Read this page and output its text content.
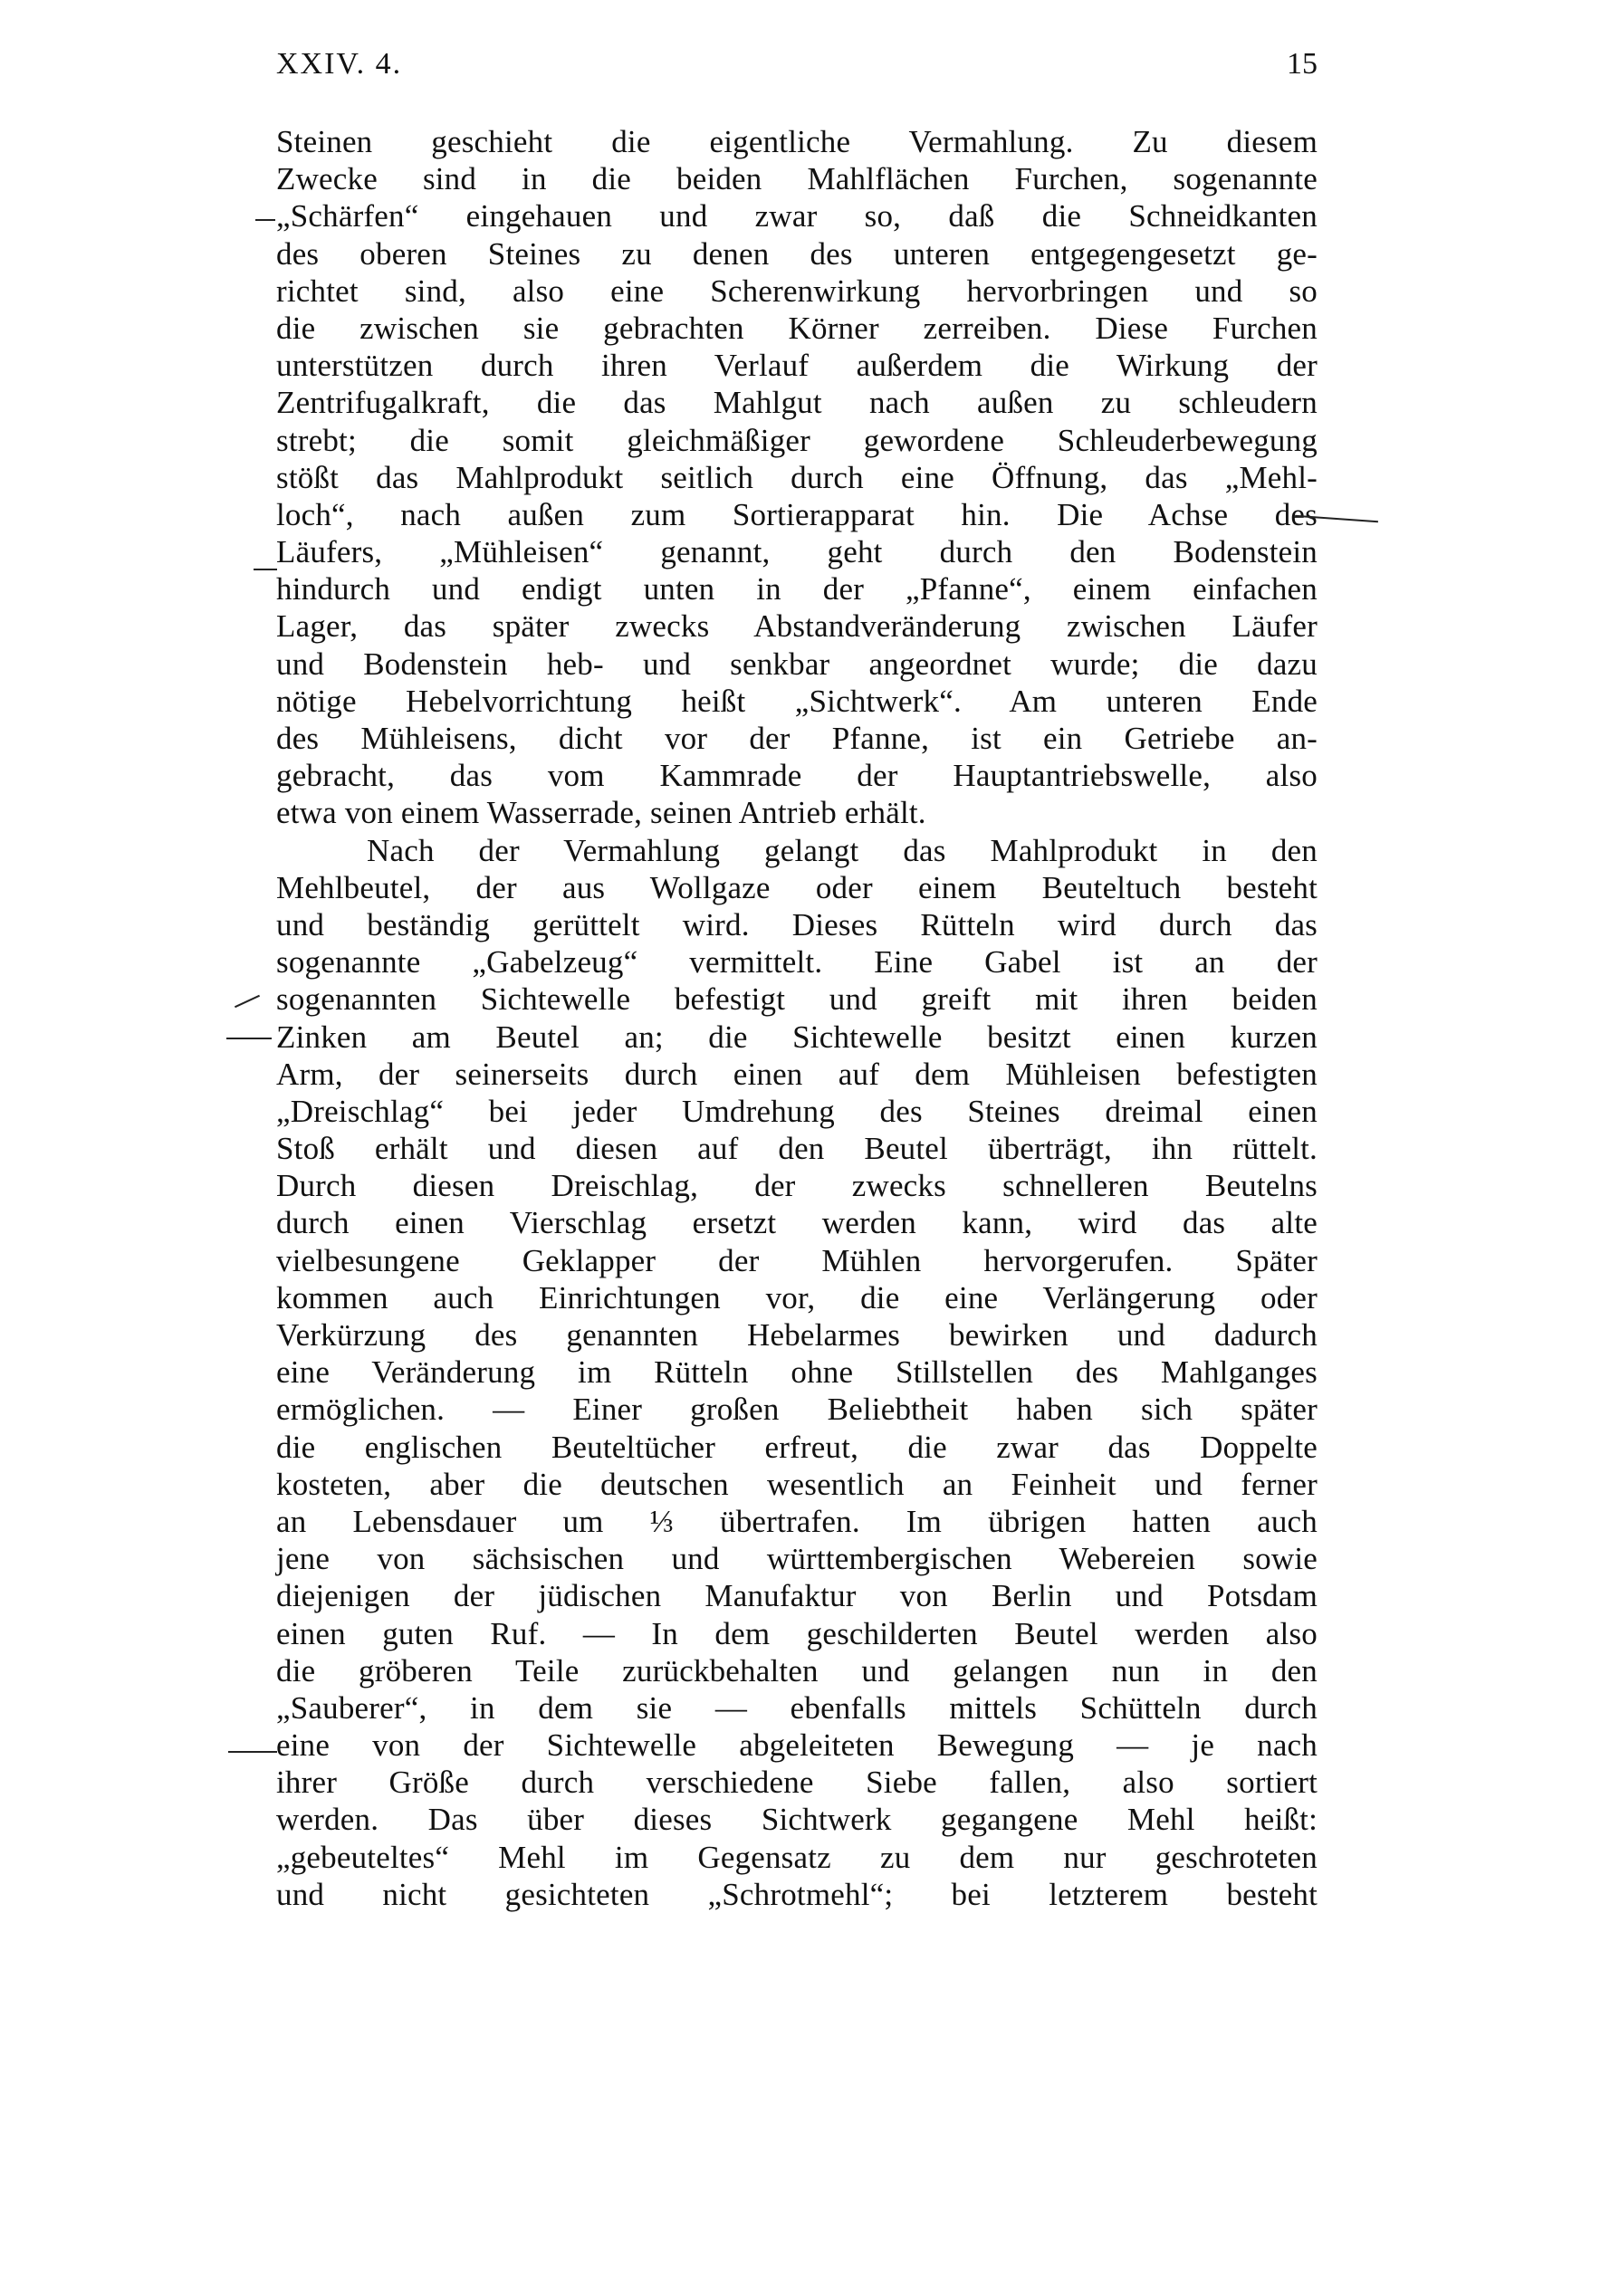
XXIV. 4.	15
Steinen geschieht die eigentliche Vermahlung. Zu diesem
Zwecke sind in die beiden Mahlflächen Furchen, sogenannte
„Schärfen“ eingehauen und zwar so, daß die Schneidkanten
des oberen Steines zu denen des unteren entgegengesetzt ge-
richtet sind, also eine Scherenwirkung hervorbringen und so
die zwischen sie gebrachten Körner zerreiben. Diese Furchen
unterstützen durch ihren Verlauf außerdem die Wirkung der
Zentrifugalkraft, die das Mahlgut nach außen zu schleudern
strebt; die somit gleichmäßiger gewordene Schleuderbewegung
stößt das Mahlprodukt seitlich durch eine Öffnung, das „Mehl-
loch“, nach außen zum Sortierapparat hin. Die Achse des
Läufers, „Mühleisen“ genannt, geht durch den Bodenstein
hindurch und endigt unten in der „Pfanne“, einem einfachen
Lager, das später zwecks Abstandveränderung zwischen Läufer
und Bodenstein heb- und senkbar angeordnet wurde; die dazu
nötige Hebelvorrichtung heißt „Sichtwerk“. Am unteren Ende
des Mühleisens, dicht vor der Pfanne, ist ein Getriebe an-
gebracht, das vom Kammrade der Hauptantriebswelle, also
etwa von einem Wasserrade, seinen Antrieb erhält.
Nach der Vermahlung gelangt das Mahlprodukt in den
Mehlbeutel, der aus Wollgaze oder einem Beuteltuch besteht
und beständig gerüttelt wird. Dieses Rütteln wird durch das
sogenannte „Gabelzeug“ vermittelt. Eine Gabel ist an der
sogenannten Sichtewelle befestigt und greift mit ihren beiden
Zinken am Beutel an; die Sichtewelle besitzt einen kurzen
Arm, der seinerseits durch einen auf dem Mühleisen befestigten
„Dreischlag“ bei jeder Umdrehung des Steines dreimal einen
Stoß erhält und diesen auf den Beutel überträgt, ihn rüttelt.
Durch diesen Dreischlag, der zwecks schnelleren Beutelns
durch einen Vierschlag ersetzt werden kann, wird das alte
vielbesungene Geklapper der Mühlen hervorgerufen. Später
kommen auch Einrichtungen vor, die eine Verlängerung oder
Verkürzung des genannten Hebelarmes bewirken und dadurch
eine Veränderung im Rütteln ohne Stillstellen des Mahlganges
ermöglichen. — Einer großen Beliebtheit haben sich später
die englischen Beuteltücher erfreut, die zwar das Doppelte
kosteten, aber die deutschen wesentlich an Feinheit und ferner
an Lebensdauer um ⅓ übertrafen. Im übrigen hatten auch
jene von sächsischen und württembergischen Webereien sowie
diejenigen der jüdischen Manufaktur von Berlin und Potsdam
einen guten Ruf. — In dem geschilderten Beutel werden also
die gröberen Teile zurückbehalten und gelangen nun in den
„Sauberer“, in dem sie — ebenfalls mittels Schütteln durch
eine von der Sichtewelle abgeleiteten Bewegung — je nach
ihrer Größe durch verschiedene Siebe fallen, also sortiert
werden. Das über dieses Sichtwerk gegangene Mehl heißt:
„gebeuteltes“ Mehl im Gegensatz zu dem nur geschroteten
und nicht gesichteten „Schrotmehl“; bei letzterem besteht
